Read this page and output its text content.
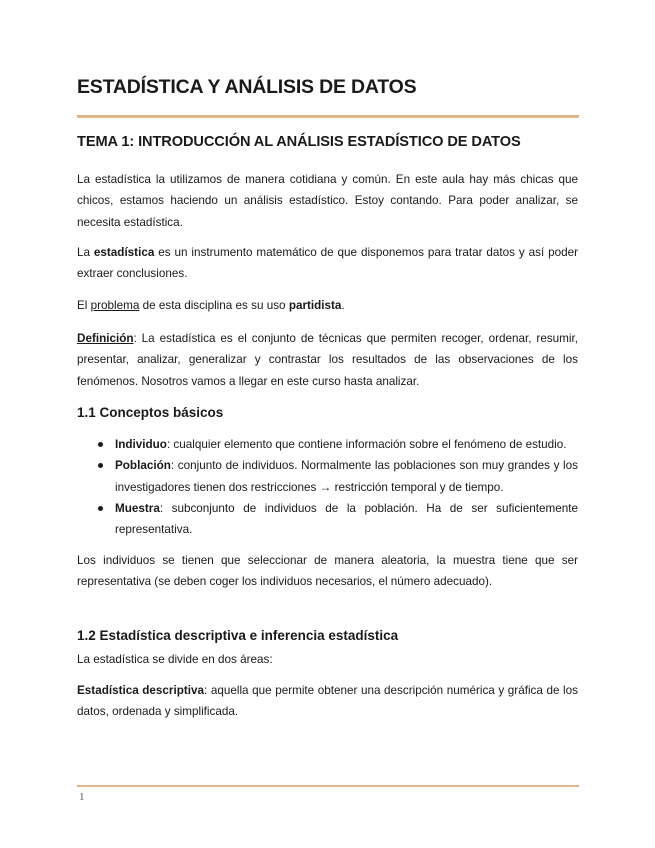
ESTADÍSTICA Y ANÁLISIS DE DATOS
TEMA 1: INTRODUCCIÓN AL ANÁLISIS ESTADÍSTICO DE DATOS

La estadística la utilizamos de manera cotidiana y común. En este aula hay más chicas que chicos, estamos haciendo un análisis estadístico. Estoy contando. Para poder analizar, se necesita estadística.

La estadística es un instrumento matemático de que disponemos para tratar datos y así poder extraer conclusiones.

El problema de esta disciplina es su uso partidista.

Definición: La estadística es el conjunto de técnicas que permiten recoger, ordenar, resumir, presentar, analizar, generalizar y contrastar los resultados de las observaciones de los fenómenos. Nosotros vamos a llegar en este curso hasta analizar.

1.1 Conceptos básicos
Individuo: cualquier elemento que contiene información sobre el fenómeno de estudio.
Población: conjunto de individuos. Normalmente las poblaciones son muy grandes y los investigadores tienen dos restricciones → restricción temporal y de tiempo.
Muestra: subconjunto de individuos de la población. Ha de ser suficientemente representativa.

Los individuos se tienen que seleccionar de manera aleatoria, la muestra tiene que ser representativa (se deben coger los individuos necesarios, el número adecuado).

1.2 Estadística descriptiva e inferencia estadística

La estadística se divide en dos áreas:

Estadística descriptiva: aquella que permite obtener una descripción numérica y gráfica de los datos, ordenada y simplificada.

1
